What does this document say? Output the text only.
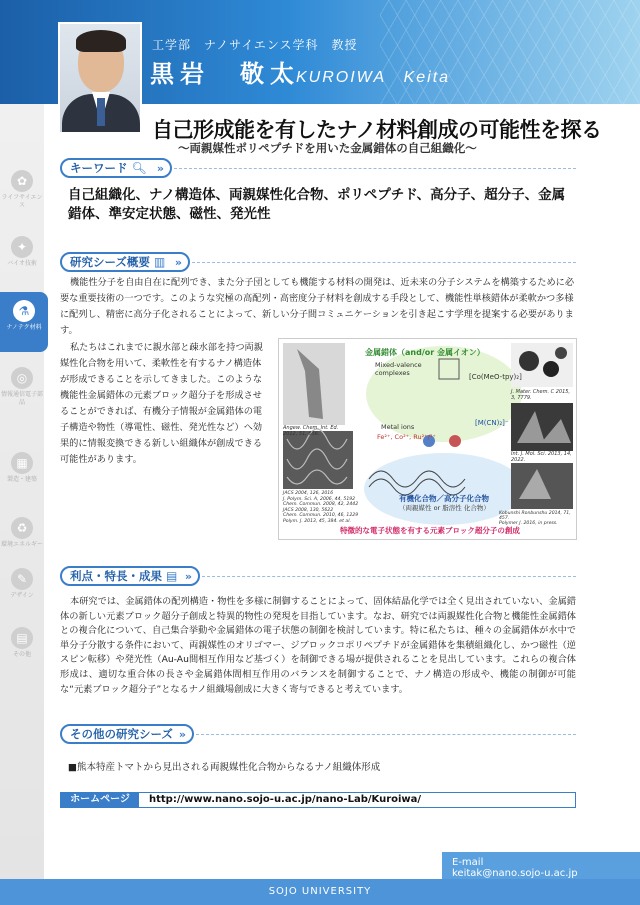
工学部　ナノサイエンス学科　教授
黒岩　敬太
KUROIWA　Keita
✿
ライフサイエンス
✦
バイオ技術
⚗
ナノテク材料
◎
情報通信電子部品
▦
製造・建築
♻
環境エネルギー
✎
デザイン
▤
その他
自己形成能を有したナノ材料創成の可能性を探る
〜両親媒性ポリペプチドを用いた金属錯体の自己組織化〜
キーワード 🔍︎ »
自己組織化、ナノ構造体、両親媒性化合物、ポリペプチド、高分子、超分子、金属錯体、準安定状態、磁性、発光性
研究シーズ概要 ▥ »
機能性分子を自由自在に配列でき、また分子団としても機能する材料の開発は、近未来の分子システムを構築するために必要な重要技術の一つです。このような究極の高配列・高密度分子材料を創成する手段として、機能性単核錯体が柔軟かつ多様に配列し、精密に高分子化されることによって、新しい分子間コミュニケーションを引き起こす学理を提案する必要があります。
私たちはこれまでに親水部と疎水部を持つ両親媒性化合物を用いて、柔軟性を有するナノ構造体が形成できることを示してきました。このような機能性金属錯体の元素ブロック超分子を形成させることができれば、有機分子情報が金属錯体の電子構造や物性（導電性、磁性、発光性など）へ効果的に情報変換できる新しい組織体が創成できる可能性があります。
金属錯体（and/or 金属イオン）
Mixed-valence complexes	[Co(MeO-tpy)₂]
Metal ions
Fe²⁺, Co²⁺, Ru²⁺/³⁺
[M(CN)₂]⁻
Angew. Chem. Int. Ed. 2012, 51, 656.
J. Mater. Chem. C 2015, 3, 7779.
JACS 2004, 126, 2016
J. Polym. Sci. A, 2006, 44, 5192
Chem. Commun. 2008, 42, 2442
JACS 2008, 130, 5622
Chem. Commun. 2010, 46, 1229
Polym. J. 2013, 45, 384. et al.
Int. J. Mol. Sci. 2013, 14, 2022.
Kobunshi Ronbunshu 2014, 71, 457.
Polymer J. 2016, in press.
有機化合物／高分子化合物
（両親媒性 or 脂溶性 化合物）
特徴的な電子状態を有する元素ブロック超分子の創成
利点・特長・成果 ▤ »
本研究では、金属錯体の配列構造・物性を多様に制御することによって、固体結晶化学では全く見出されていない、金属錯体の新しい元素ブロック超分子創成と特異的物性の発現を目指しています。なお、研究では両親媒性化合物と機能性金属錯体との複合化について、自己集合挙動や金属錯体の電子状態の制御を検討しています。特に私たちは、種々の金属錯体が水中で単分子分散する条件において、両親媒性のオリゴマー、ジブロックコポリペプチドが金属錯体を集積組織化し、かつ磁性（逆スピン転移）や発光性（Au-Au間相互作用など基づく）を制御できる場が提供されることを見出しています。これらの複合体形成は、適切な重合体の長さや金属錯体間相互作用のバランスを制御することで、ナノ構造の形成や、機能の制御が可能な“元素ブロック超分子”となるナノ組織場創成に大きく寄与できると考えています。
その他の研究シーズ »
■熊本特産トマトから見出される両親媒性化合物からなるナノ組織体形成
ホームページ	http://www.nano.sojo-u.ac.jp/nano-Lab/Kuroiwa/
E-mail
keitak@nano.sojo-u.ac.jp
SOJO UNIVERSITY
